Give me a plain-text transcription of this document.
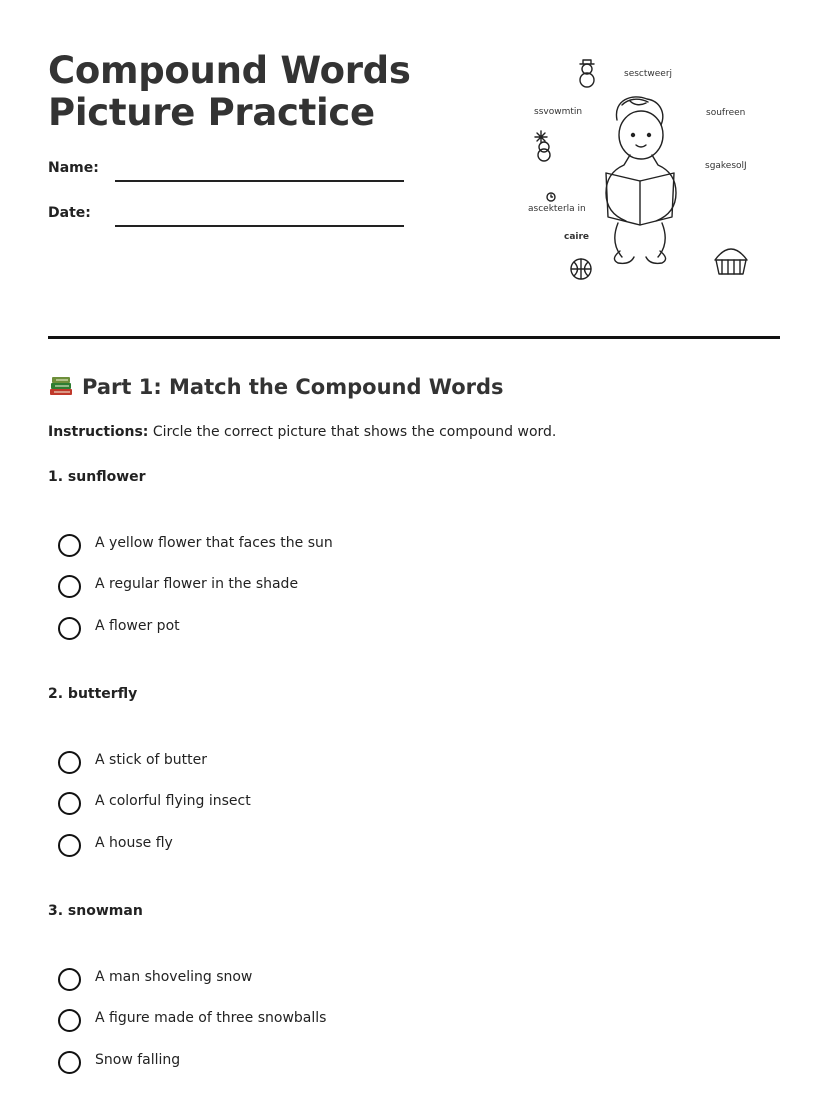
Compound Words
Picture Practice
Name:
Date:
sesctweerj
ssvowmtin	soufreen
sgakesolJ
ascekterla in
caire
Part 1: Match the Compound Words
Instructions: Circle the correct picture that shows the compound word.
1. sunflower
A yellow flower that faces the sun
A regular flower in the shade
A flower pot
2. butterfly
A stick of butter
A colorful flying insect
A house fly
3. snowman
A man shoveling snow
A figure made of three snowballs
Snow falling
